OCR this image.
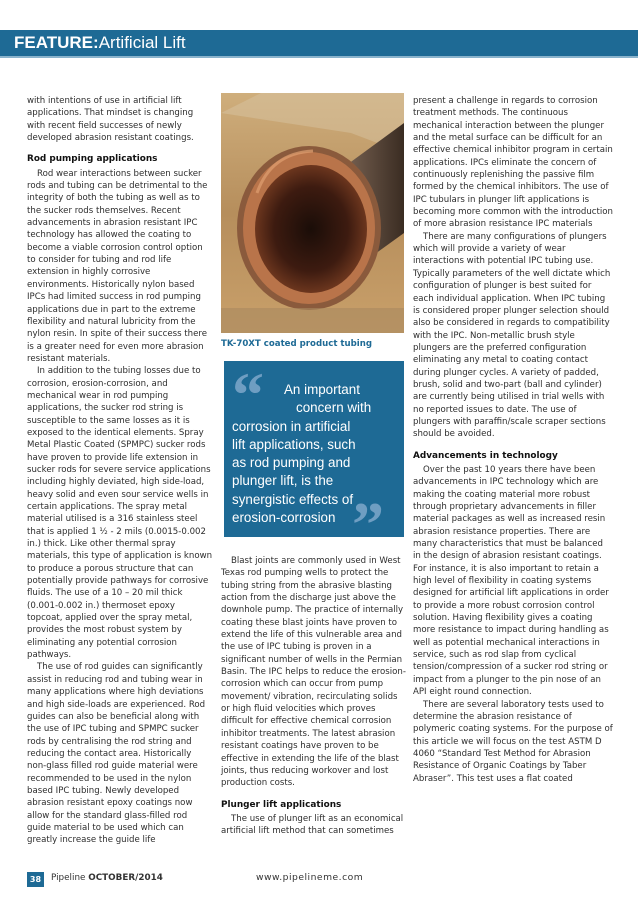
FEATURE:Artificial Lift

with intentions of use in artificial lift applications. That mindset is changing with recent field successes of newly developed abrasion resistant coatings.

Rod pumping applications

Rod wear interactions between sucker rods and tubing can be detrimental to the integrity of both the tubing as well as to the sucker rods themselves. Recent advancements in abrasion resistant IPC technology has allowed the coating to become a viable corrosion control option to consider for tubing and rod life extension in highly corrosive environments. Historically nylon based IPCs had limited success in rod pumping applications due in part to the extreme flexibility and natural lubricity from the nylon resin. In spite of their success there is a greater need for even more abrasion resistant materials.

In addition to the tubing losses due to corrosion, erosion-corrosion, and mechanical wear in rod pumping applications, the sucker rod string is susceptible to the same losses as it is exposed to the identical elements. Spray Metal Plastic Coated (SPMPC) sucker rods have proven to provide life extension in sucker rods for severe service applications including highly deviated, high side-load, heavy solid and even sour service wells in certain applications. The spray metal material utilised is a 316 stainless steel that is applied 1 ½ - 2 mils (0.0015-0.002 in.) thick. Like other thermal spray materials, this type of application is known to produce a porous structure that can potentially provide pathways for corrosive fluids. The use of a 10 – 20 mil thick (0.001-0.002 in.) thermoset epoxy topcoat, applied over the spray metal, provides the most robust system by eliminating any potential corrosion pathways.

The use of rod guides can significantly assist in reducing rod and tubing wear in many applications where high deviations and high side-loads are experienced. Rod guides can also be beneficial along with the use of IPC tubing and SPMPC sucker rods by centralising the rod string and reducing the contact area. Historically non-glass filled rod guide material were recommended to be used in the nylon based IPC tubing. Newly developed abrasion resistant epoxy coatings now allow for the standard glass-filled rod guide material to be used which can greatly increase the guide life

TK-70XT coated product tubing
“	An important
concern with
corrosion in artificial
lift applications, such
as rod pumping and
plunger lift, is the
synergistic effects of
erosion-corrosion ”

Blast joints are commonly used in West Texas rod pumping wells to protect the tubing string from the abrasive blasting action from the discharge just above the downhole pump. The practice of internally coating these blast joints have proven to extend the life of this vulnerable area and the use of IPC tubing is proven in a significant number of wells in the Permian Basin. The IPC helps to reduce the erosion-corrosion which can occur from pump movement/ vibration, recirculating solids or high fluid velocities which proves difficult for effective chemical corrosion inhibitor treatments. The latest abrasion resistant coatings have proven to be effective in extending the life of the blast joints, thus reducing workover and lost production costs.

Plunger lift applications

The use of plunger lift as an economical artificial lift method that can sometimes

present a challenge in regards to corrosion treatment methods. The continuous mechanical interaction between the plunger and the metal surface can be difficult for an effective chemical inhibitor program in certain applications. IPCs eliminate the concern of continuously replenishing the passive film formed by the chemical inhibitors. The use of IPC tubulars in plunger lift applications is becoming more common with the introduction of more abrasion resistance IPC materials

There are many configurations of plungers which will provide a variety of wear interactions with potential IPC tubing use. Typically parameters of the well dictate which configuration of plunger is best suited for each individual application. When IPC tubing is considered proper plunger selection should also be considered in regards to compatibility with the IPC. Non-metallic brush style plungers are the preferred configuration eliminating any metal to coating contact during plunger cycles. A variety of padded, brush, solid and two-part (ball and cylinder) are currently being utilised in trial wells with no reported issues to date. The use of plungers with paraffin/scale scraper sections should be avoided.

Advancements in technology

Over the past 10 years there have been advancements in IPC technology which are making the coating material more robust through proprietary advancements in filler material packages as well as increased resin abrasion resistance properties. There are many characteristics that must be balanced in the design of abrasion resistant coatings. For instance, it is also important to retain a high level of flexibility in coating systems designed for artificial lift applications in order to provide a more robust corrosion control solution. Having flexibility gives a coating more resistance to impact during handling as well as potential mechanical interactions in service, such as rod slap from cyclical tension/compression of a sucker rod string or impact from a plunger to the pin nose of an API eight round connection.

There are several laboratory tests used to determine the abrasion resistance of polymeric coating systems. For the purpose of this article we will focus on the test ASTM D 4060 “Standard Test Method for Abrasion Resistance of Organic Coatings by Taber Abraser”. This test uses a flat coated

38	Pipeline OCTOBER/2014	www.pipelineme.com
